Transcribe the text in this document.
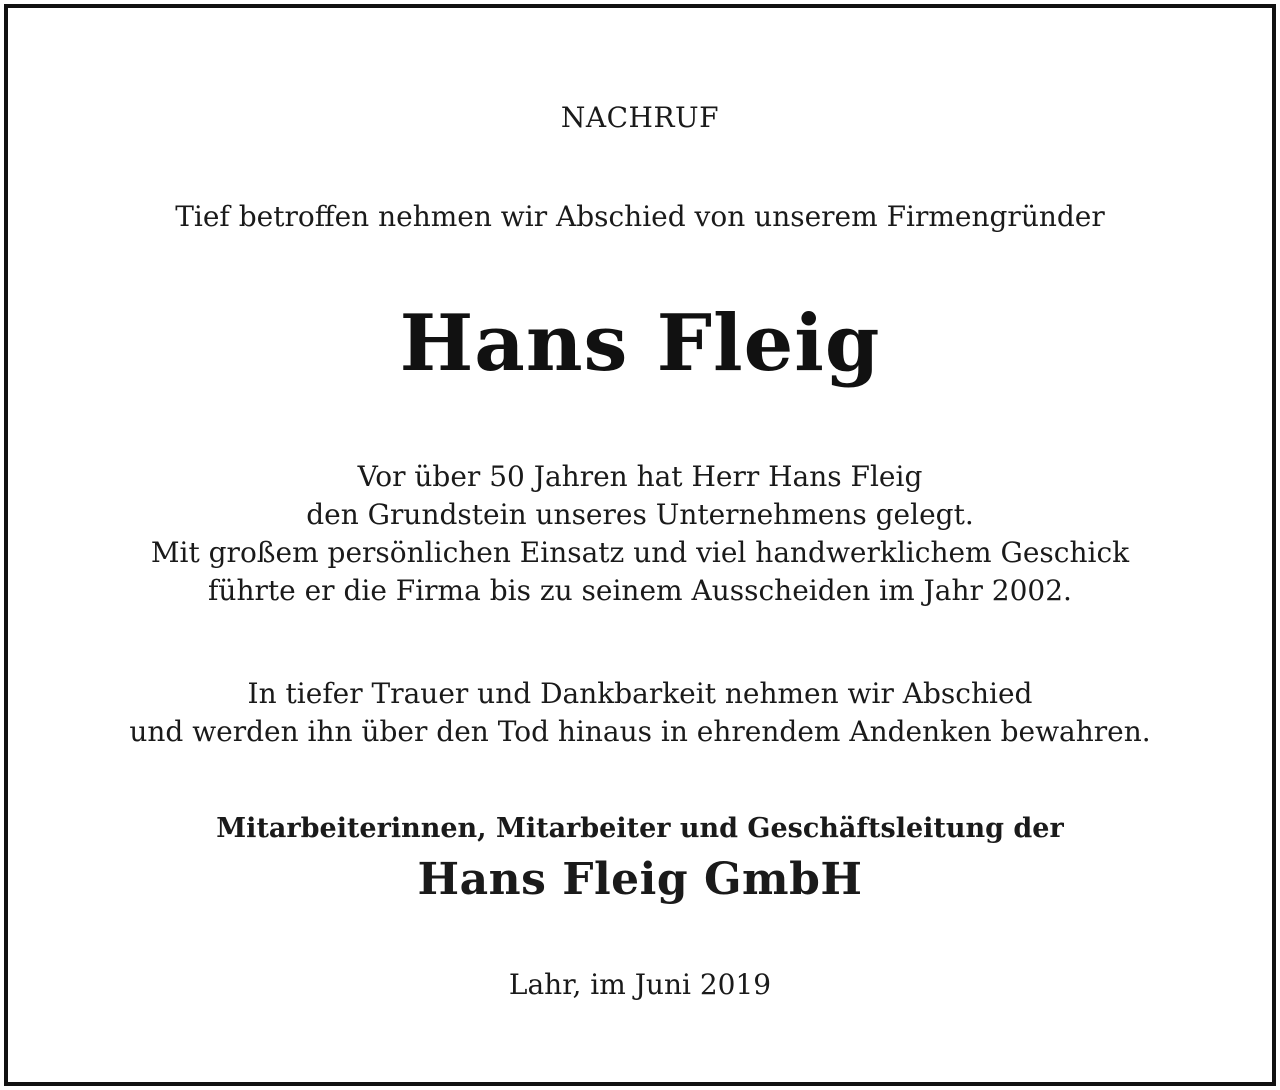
NACHRUF
Tief betroffen nehmen wir Abschied von unserem Firmengründer
Hans Fleig
Vor über 50 Jahren hat Herr Hans Fleig
den Grundstein unseres Unternehmens gelegt.
Mit großem persönlichen Einsatz und viel handwerklichem Geschick
führte er die Firma bis zu seinem Ausscheiden im Jahr 2002.
In tiefer Trauer und Dankbarkeit nehmen wir Abschied
und werden ihn über den Tod hinaus in ehrendem Andenken bewahren.
Mitarbeiterinnen, Mitarbeiter und Geschäftsleitung der
Hans Fleig GmbH
Lahr, im Juni 2019
